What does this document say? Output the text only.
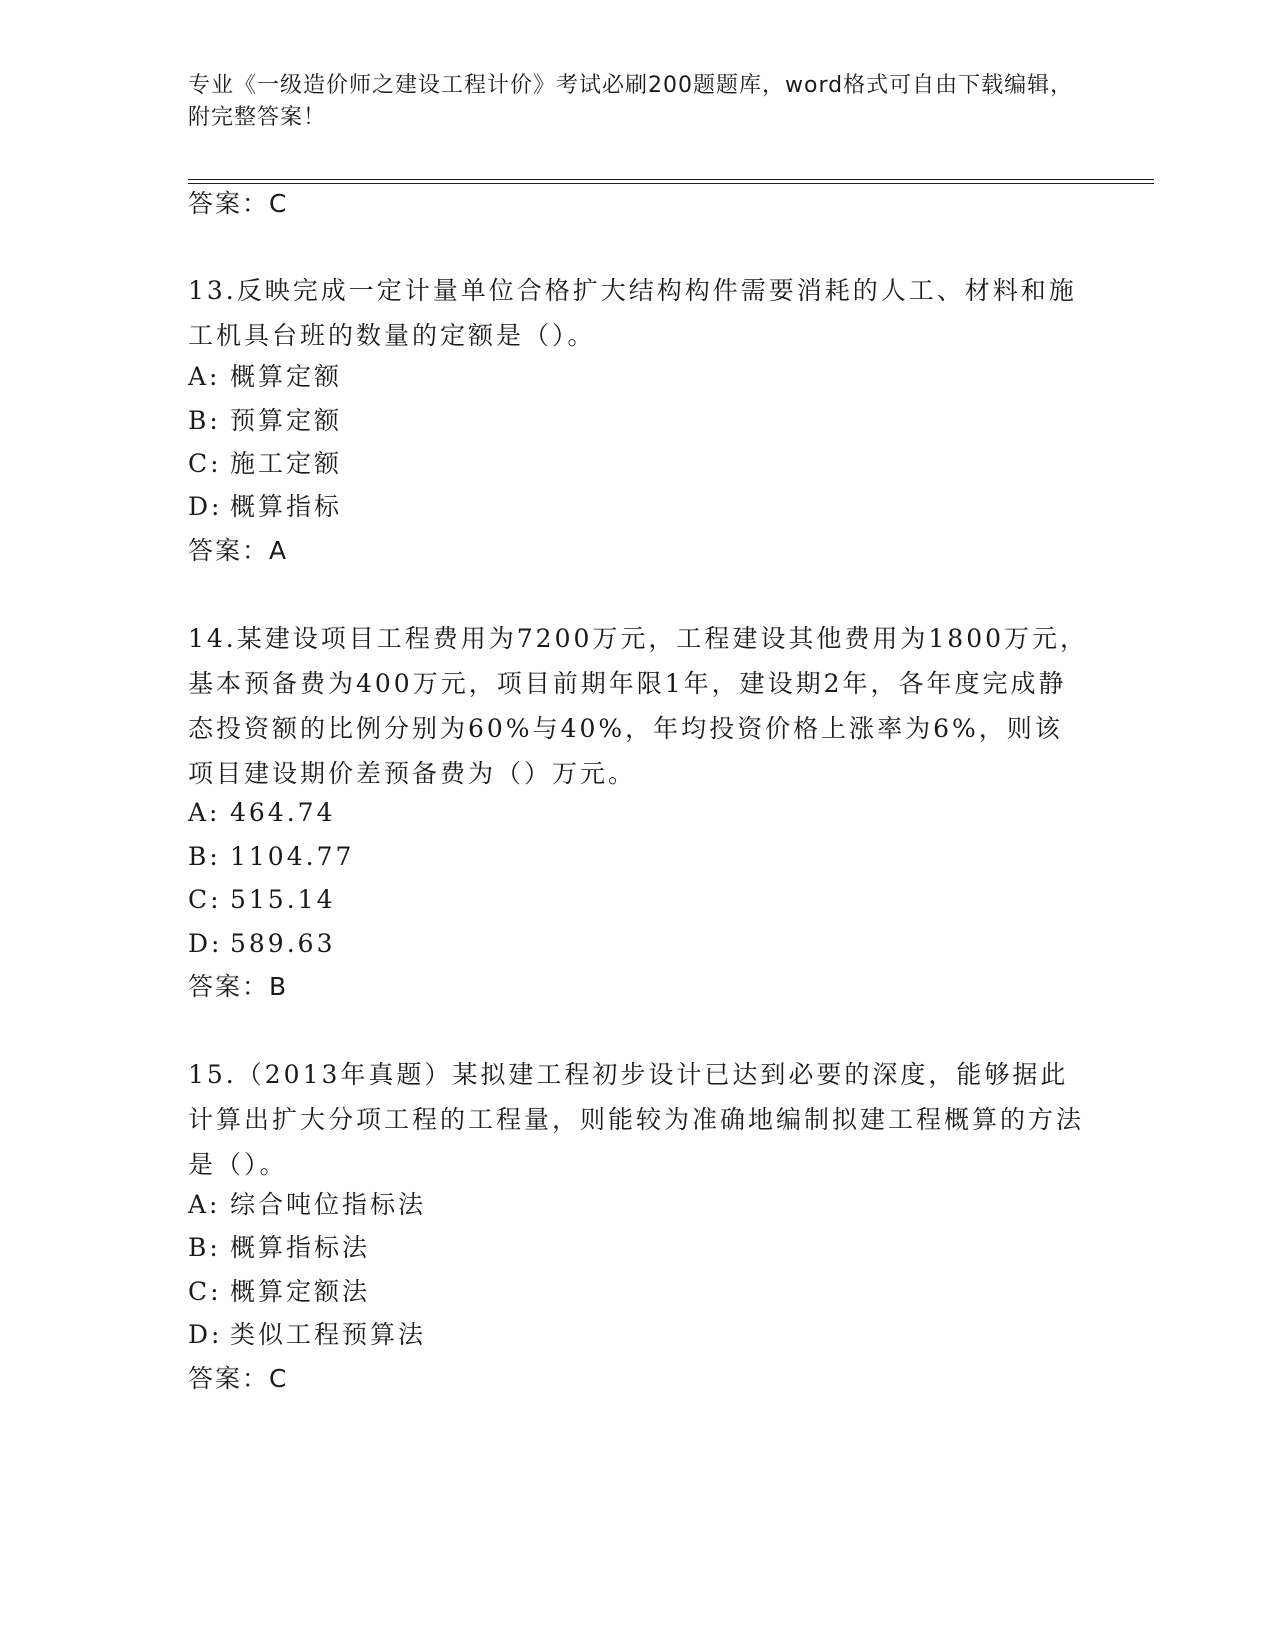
专业《一级造价师之建设工程计价》考试必刷200题题库，word格式可自由下载编辑，附完整答案！
答案：C
13.反映完成一定计量单位合格扩大结构构件需要消耗的人工、材料和施工机具台班的数量的定额是（）。
A: 概算定额
B: 预算定额
C: 施工定额
D: 概算指标
答案：A
14.某建设项目工程费用为7200万元，工程建设其他费用为1800万元，基本预备费为400万元，项目前期年限1年，建设期2年，各年度完成静态投资额的比例分别为60%与40%，年均投资价格上涨率为6%，则该项目建设期价差预备费为（）万元。
A: 464.74
B: 1104.77
C: 515.14
D: 589.63
答案：B
15.（2013年真题）某拟建工程初步设计已达到必要的深度，能够据此计算出扩大分项工程的工程量，则能较为准确地编制拟建工程概算的方法是（）。
A: 综合吨位指标法
B: 概算指标法
C: 概算定额法
D: 类似工程预算法
答案：C
